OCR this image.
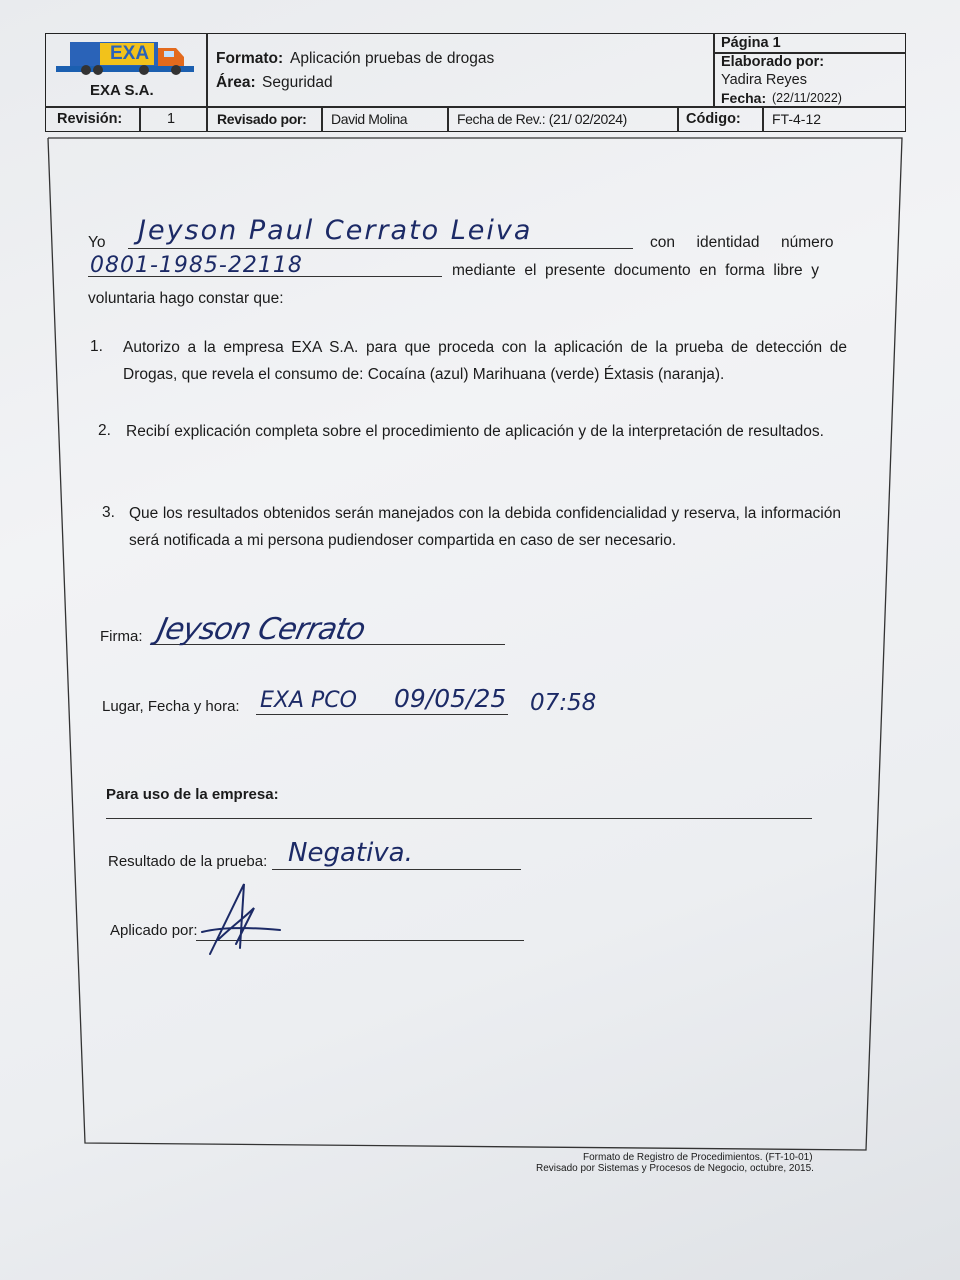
EXA
EXA S.A.
Formato: Aplicación pruebas de drogas
Área: Seguridad
Página 1
Elaborado por:
Yadira Reyes
Fecha: (22/11/2022)
Revisión:	1	Revisado por: David Molina	Fecha de Rev.: (21/ 02/2024)	Código: FT-4-12
Yo Jeyson Paul Cerrato Leiva	con     identidad     número
0801-1985-22118	mediante  el  presente  documento  en  forma  libre  y
voluntaria hago constar que:
1. Autorizo a la empresa EXA S.A. para que proceda con la aplicación de la prueba de detección de Drogas, que revela el consumo de: Cocaína (azul) Marihuana (verde) Éxtasis (naranja).
2. Recibí explicación completa sobre el procedimiento de aplicación y de la interpretación de resultados.
3. Que los resultados obtenidos serán manejados con la debida confidencialidad y reserva, la información será notificada a mi persona pudiendoser compartida en caso de ser necesario.
Firma: Jeyson Cerrato
Lugar, Fecha y hora: EXA PCO 09/05/25 07:58
Para uso de la empresa:
Resultado de la prueba: Negativa.
Aplicado por:
Formato de Registro de Procedimientos. (FT-10-01)
Revisado por Sistemas y Procesos de Negocio, octubre, 2015.
